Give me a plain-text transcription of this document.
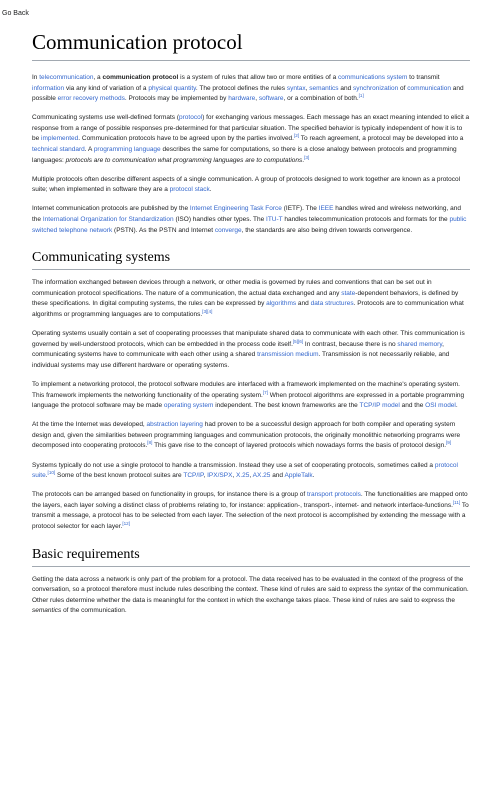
Go Back
Communication protocol

In telecommunication, a communication protocol is a system of rules that allow two or more entities of a communications system to transmit information via any kind of variation of a physical quantity. The protocol defines the rules syntax, semantics and synchronization of communication and possible error recovery methods. Protocols may be implemented by hardware, software, or a combination of both.[1]

Communicating systems use well-defined formats (protocol) for exchanging various messages. Each message has an exact meaning intended to elicit a response from a range of possible responses pre-determined for that particular situation. The specified behavior is typically independent of how it is to be implemented. Communication protocols have to be agreed upon by the parties involved.[2] To reach agreement, a protocol may be developed into a technical standard. A programming language describes the same for computations, so there is a close analogy between protocols and programming languages: protocols are to communication what programming languages are to computations.[3]

Multiple protocols often describe different aspects of a single communication. A group of protocols designed to work together are known as a protocol suite; when implemented in software they are a protocol stack.

Internet communication protocols are published by the Internet Engineering Task Force (IETF). The IEEE handles wired and wireless networking, and the International Organization for Standardization (ISO) handles other types. The ITU-T handles telecommunication protocols and formats for the public switched telephone network (PSTN). As the PSTN and Internet converge, the standards are also being driven towards convergence.

Communicating systems

The information exchanged between devices through a network, or other media is governed by rules and conventions that can be set out in communication protocol specifications. The nature of a communication, the actual data exchanged and any state-dependent behaviors, is defined by these specifications. In digital computing systems, the rules can be expressed by algorithms and data structures. Protocols are to communication what algorithms or programming languages are to computations.[3][4]

Operating systems usually contain a set of cooperating processes that manipulate shared data to communicate with each other. This communication is governed by well-understood protocols, which can be embedded in the process code itself.[5][6] In contrast, because there is no shared memory, communicating systems have to communicate with each other using a shared transmission medium. Transmission is not necessarily reliable, and individual systems may use different hardware or operating systems.

To implement a networking protocol, the protocol software modules are interfaced with a framework implemented on the machine's operating system. This framework implements the networking functionality of the operating system.[7] When protocol algorithms are expressed in a portable programming language the protocol software may be made operating system independent. The best known frameworks are the TCP/IP model and the OSI model.

At the time the Internet was developed, abstraction layering had proven to be a successful design approach for both compiler and operating system design and, given the similarities between programming languages and communication protocols, the originally monolithic networking programs were decomposed into cooperating protocols.[8] This gave rise to the concept of layered protocols which nowadays forms the basis of protocol design.[9]

Systems typically do not use a single protocol to handle a transmission. Instead they use a set of cooperating protocols, sometimes called a protocol suite.[10] Some of the best known protocol suites are TCP/IP, IPX/SPX, X.25, AX.25 and AppleTalk.

The protocols can be arranged based on functionality in groups, for instance there is a group of transport protocols. The functionalities are mapped onto the layers, each layer solving a distinct class of problems relating to, for instance: application-, transport-, internet- and network interface-functions.[11] To transmit a message, a protocol has to be selected from each layer. The selection of the next protocol is accomplished by extending the message with a protocol selector for each layer.[12]

Basic requirements

Getting the data across a network is only part of the problem for a protocol. The data received has to be evaluated in the context of the progress of the conversation, so a protocol therefore must include rules describing the context. These kind of rules are said to express the syntax of the communication. Other rules determine whether the data is meaningful for the context in which the exchange takes place. These kind of rules are said to express the semantics of the communication.
